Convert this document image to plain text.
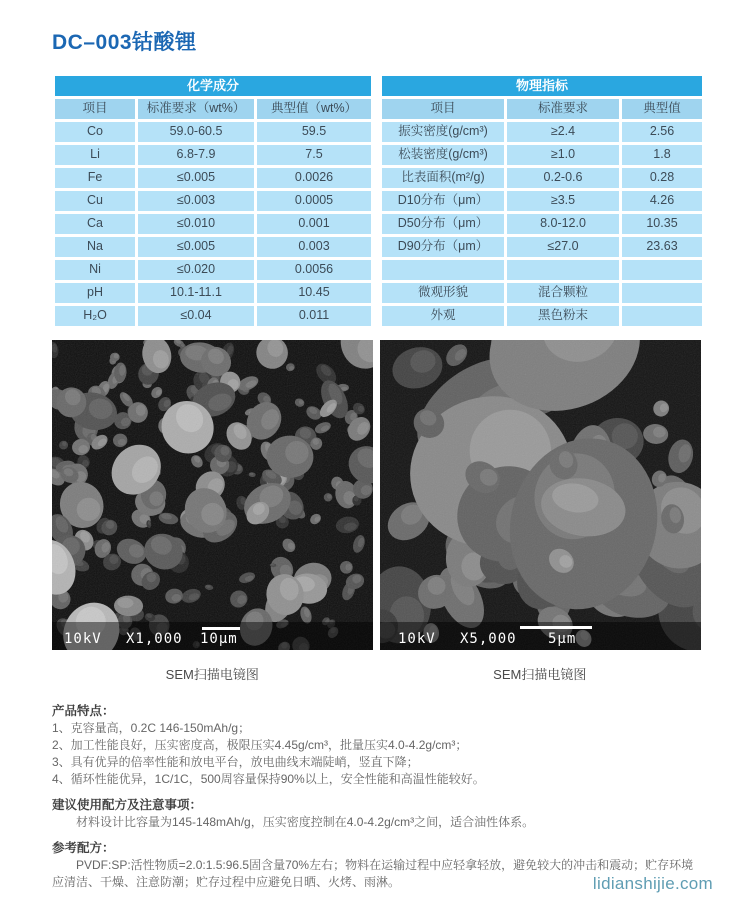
DC–003钴酸锂
化学成分		
项目	标准要求（wt%）	典型值（wt%）
Co	59.0-60.5	59.5
Li	6.8-7.9	7.5
Fe	≤0.005	0.0026
Cu	≤0.003	0.0005
Ca	≤0.010	0.001
Na	≤0.005	0.003
Ni	≤0.020	0.0056
pH	10.1-11.1	10.45
H₂O	≤0.04	0.011
物理指标		
项目	标准要求	典型值
振实密度(g/cm³)	≥2.4	2.56
松装密度(g/cm³)	≥1.0	1.8
比表面积(m²/g)	0.2-0.6	0.28
D10分布（μm）	≥3.5	4.26
D50分布（μm）	8.0-12.0	10.35
D90分布（μm）	≤27.0	23.63

微观形貌	混合颗粒	
外观	黑色粉末	
10kV X1,000 10μm	10kV X5,000 5μm
SEM扫描电镜图	SEM扫描电镜图
产品特点：

1、克容量高，0.2C 146-150mAh/g；

2、加工性能良好，压实密度高，极限压实4.45g/cm³，批量压实4.0-4.2g/cm³；

3、具有优异的倍率性能和放电平台，放电曲线末端陡峭，竖直下降；

4、循环性能优异，1C/1C，500周容量保持90%以上，安全性能和高温性能较好。

建议使用配方及注意事项：

材料设计比容量为145-148mAh/g，压实密度控制在4.0-4.2g/cm³之间，适合油性体系。

参考配方：

PVDF:SP:活性物质=2.0:1.5:96.5固含量70%左右；物料在运输过程中应轻拿轻放，避免较大的冲击和震动；贮存环境应清洁、干燥、注意防潮；贮存过程中应避免日晒、火烤、雨淋。	lidianshijie.com
